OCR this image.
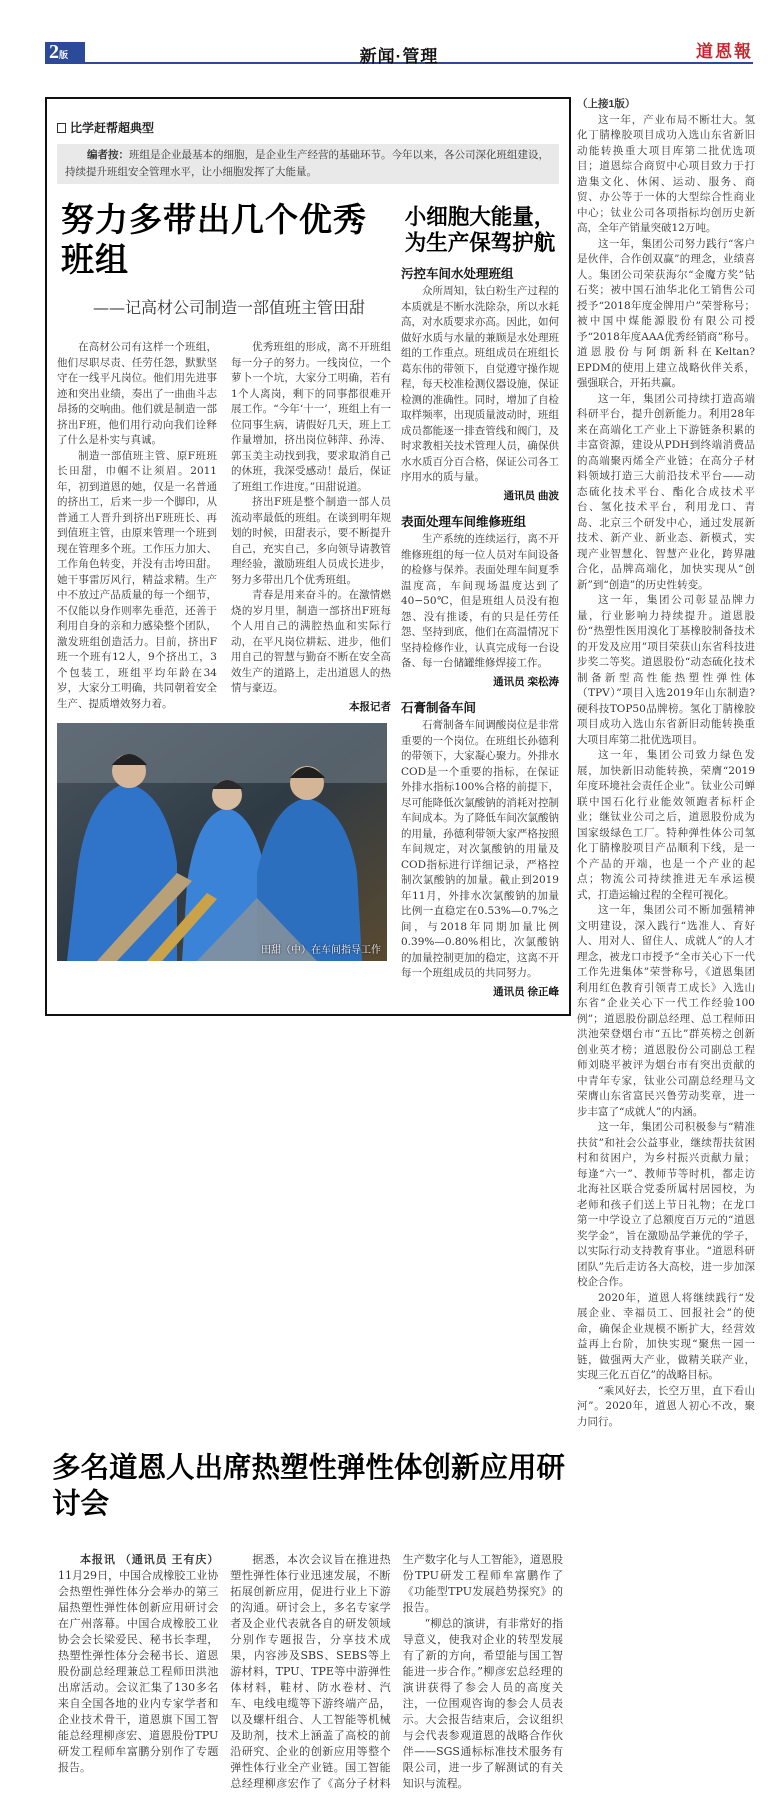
2版	新闻·管理	道恩報
比学赶帮超典型
编者按：班组是企业最基本的细胞，是企业生产经营的基础环节。今年以来，各公司深化班组建设，持续提升班组安全管理水平，让小细胞发挥了大能量。
努力多带出几个优秀班组
——记高材公司制造一部值班主管田甜

在高材公司有这样一个班组，他们尽职尽责、任劳任怨，默默坚守在一线平凡岗位。他们用先进事迹和突出业绩，奏出了一曲曲斗志昂扬的交响曲。他们就是制造一部挤出F班，他们用行动向我们诠释了什么是朴实与真诚。

制造一部值班主管、原F班班长田甜，巾帼不让须眉。2011年，初到道恩的她，仅是一名普通的挤出工，后来一步一个脚印，从普通工人晋升到挤出F班班长、再到值班主管，由原来管理一个班到现在管理多个班。工作压力加大、工作角色转变，并没有击垮田甜。她干事雷厉风行，精益求精。生产中不放过产品质量的每一个细节，不仅能以身作则率先垂范，还善于利用自身的亲和力感染整个团队，激发班组创造活力。目前，挤出F班一个班有12人，9个挤出工，3个包装工，班组平均年龄在34岁，大家分工明确，共同朝着安全生产、提质增效努力着。

优秀班组的形成，离不开班组每一分子的努力。一线岗位，一个萝卜一个坑，大家分工明确，若有1个人离岗，剩下的同事都很难开展工作。“今年‘十一’，班组上有一位同事生病，请假好几天，班上工作量增加，挤出岗位韩萍、孙涛、郭玉美主动找到我，要求取消自己的休班，我深受感动！最后，保证了班组工作进度。”田甜说道。

挤出F班是整个制造一部人员流动率最低的班组。在谈到明年规划的时候，田甜表示，要不断提升自己，充实自己，多向领导请教管理经验，激励班组人员成长进步，努力多带出几个优秀班组。

青春是用来奋斗的。在激情燃烧的岁月里，制造一部挤出F班每个人用自己的满腔热血和实际行动，在平凡岗位耕耘、进步，他们用自己的智慧与勤奋不断在安全高效生产的道路上，走出道恩人的热情与豪迈。

本报记者

田甜（中）在车间指导工作
小细胞大能量，为生产保驾护航
污控车间水处理班组

众所周知，钛白粉生产过程的本质就是不断水洗除杂，所以水耗高，对水质要求亦高。因此，如何做好水质与水量的兼顾是水处理班组的工作重点。班组成员在班组长葛东伟的带领下，自觉遵守操作规程，每天校准检测仪器设施，保证检测的准确性。同时，增加了自检取样频率，出现质量波动时，班组成员都能逐一排查管线和阀门，及时求教相关技术管理人员，确保供水水质百分百合格，保证公司各工序用水的质与量。

通讯员 曲波

表面处理车间维修班组

生产系统的连续运行，离不开维修班组的每一位人员对车间设备的检修与保养。表面处理车间夏季温度高，车间现场温度达到了40−50℃，但是班组人员没有抱怨、没有推诿，有的只是任劳任怨、坚持到底，他们在高温情况下坚持检修作业，认真完成每一台设备、每一台储罐维修焊接工作。

通讯员 栾松涛

石膏制备车间

石膏制备车间调酸岗位是非常重要的一个岗位。在班组长孙德利的带领下，大家凝心聚力。外排水COD是一个重要的指标，在保证外排水指标100%合格的前提下，尽可能降低次氯酸钠的消耗对控制车间成本。为了降低车间次氯酸钠的用量，孙德利带领大家严格按照车间规定，对次氯酸钠的用量及COD指标进行详细记录，严格控制次氯酸钠的加量。截止到2019年11月，外排水次氯酸钠的加量比例一直稳定在0.53%—0.7%之间，与2018年同期加量比例0.39%—0.80%相比，次氯酸钠的加量控制更加的稳定，这离不开每一个班组成员的共同努力。

通讯员 徐正峰

（上接1版）

这一年，产业布局不断壮大。氢化丁腈橡胶项目成功入选山东省新旧动能转换重大项目库第二批优选项目；道恩综合商贸中心项目致力于打造集文化、休闲、运动、服务、商贸、办公等于一体的大型综合性商业中心；钛业公司各项指标均创历史新高，全年产销量突破12万吨。

这一年，集团公司努力践行“客户是伙伴，合作创双赢”的理念，业绩喜人。集团公司荣获海尔“金魔方奖”钻石奖；被中国石油华北化工销售公司授予“2018年度金牌用户”荣誉称号；被中国中煤能源股份有限公司授予“2018年度AAA优秀经销商”称号。道恩股份与阿朗新科在Keltan?EPDM的使用上建立战略伙伴关系，强强联合，开拓共赢。

这一年，集团公司持续打造高端科研平台，提升创新能力。利用28年来在高端化工产业上下游链条积累的丰富资源，建设从PDH到终端消费品的高端聚丙烯全产业链；在高分子材料领域打造三大前沿技术平台——动态硫化技术平台、酯化合成技术平台、氢化技术平台，利用龙口、青岛、北京三个研发中心，通过发展新技术、新产业、新业态、新模式，实现产业智慧化、智慧产业化，跨界融合化，品牌高端化，加快实现从“创新”到“创造”的历史性转变。

这一年，集团公司彰显品牌力量，行业影响力持续提升。道恩股份“热塑性医用溴化丁基橡胶制备技术的开发及应用”项目荣获山东省科技进步奖二等奖。道恩股份“动态硫化技术制备新型高性能热塑性弹性体（TPV）”项目入选2019年山东制造?硬科技TOP50品牌榜。氢化丁腈橡胶项目成功入选山东省新旧动能转换重大项目库第二批优选项目。

这一年，集团公司致力绿色发展，加快新旧动能转换，荣膺“2019年度环境社会责任企业”。钛业公司蝉联中国石化行业能效领跑者标杆企业；继钛业公司之后，道恩股份成为国家级绿色工厂。特种弹性体公司氢化丁腈橡胶项目产品顺利下线，是一个产品的开端，也是一个产业的起点；物流公司持续推进无车承运模式，打造运输过程的全程可视化。

这一年，集团公司不断加强精神文明建设，深入践行“选准人、育好人、用对人、留住人、成就人”的人才理念，被龙口市授予“全市关心下一代工作先进集体”荣誉称号，《道恩集团利用红色教育引领青工成长》入选山东省“企业关心下一代工作经验100例”；道恩股份副总经理、总工程师田洪池荣登烟台市“五比”群英榜之创新创业英才榜；道恩股份公司副总工程师刘晓平被评为烟台市有突出贡献的中青年专家，钛业公司副总经理马文荣膺山东省富民兴鲁劳动奖章，进一步丰富了“成就人”的内涵。

这一年，集团公司积极参与“精准扶贫”和社会公益事业，继续帮扶贫困村和贫困户，为乡村振兴贡献力量；每逢“六一”、教师节等时机，都走访北海社区联合党委所属村居园校，为老师和孩子们送上节日礼物；在龙口第一中学设立了总额度百万元的“道恩奖学金”，旨在激励品学兼优的学子，以实际行动支持教育事业。“道恩科研团队”先后走访各大高校，进一步加深校企合作。

2020年，道恩人将继续践行“发展企业、幸福员工、回报社会”的使命，确保企业规模不断扩大，经营效益再上台阶，加快实现“聚焦一园一链，做强两大产业，做精关联产业，实现三化五百亿”的战略目标。

“乘风好去，长空万里，直下看山河”。2020年，道恩人初心不改，聚力同行。

多名道恩人出席热塑性弹性体创新应用研讨会

本报讯 （通讯员 王有庆）11月29日，中国合成橡胶工业协会热塑性弹性体分会举办的第三届热塑性弹性体创新应用研讨会在广州落幕。中国合成橡胶工业协会会长梁爱民、秘书长李理，热塑性弹性体分会秘书长、道恩股份副总经理兼总工程师田洪池出席活动。会议汇集了130多名来自全国各地的业内专家学者和企业技术骨干，道恩旗下国工智能总经理柳彦宏、道恩股份TPU研发工程师牟富鹏分别作了专题报告。

据悉，本次会议旨在推进热塑性弹性体行业迅速发展，不断拓展创新应用，促进行业上下游的沟通。研讨会上，多名专家学者及企业代表就各自的研发领域分别作专题报告，分享技术成果，内容涉及SBS、SEBS等上游材料，TPU、TPE等中游弹性体材料，鞋材、防水卷材、汽车、电线电缆等下游终端产品，以及螺杆组合、人工智能等机械及助剂，技术上涵盖了高校的前沿研究、企业的创新应用等整个弹性体行业全产业链。国工智能总经理柳彦宏作了《高分子材料生产数字化与人工智能》，道恩股份TPU研发工程师牟富鹏作了《功能型TPU发展趋势探究》的报告。

“柳总的演讲，有非常好的指导意义，使我对企业的转型发展有了新的方向，希望能与国工智能进一步合作。”柳彦宏总经理的演讲获得了参会人员的高度关注，一位围观咨询的参会人员表示。大会报告结束后，会议组织与会代表参观道恩的战略合作伙伴——SGS通标标准技术服务有限公司，进一步了解测试的有关知识与流程。
